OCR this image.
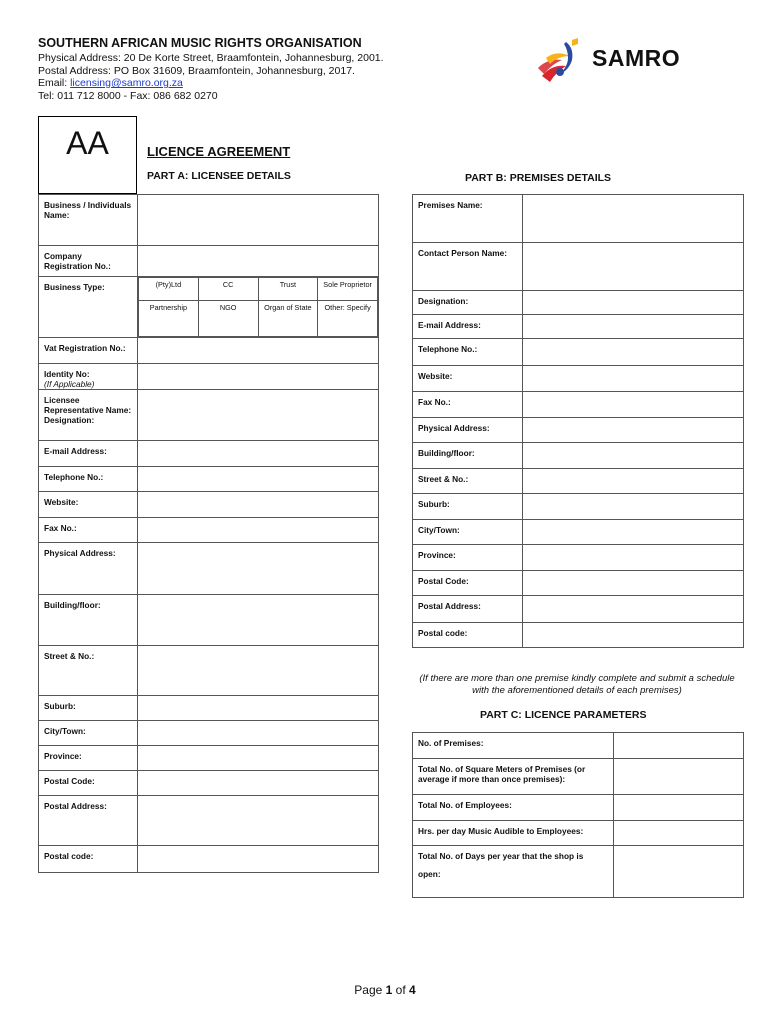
SOUTHERN AFRICAN MUSIC RIGHTS ORGANISATION
Physical Address: 20 De Korte Street, Braamfontein, Johannesburg, 2001.
Postal Address: PO Box 31609, Braamfontein, Johannesburg, 2017.
Email: licensing@samro.org.za
Tel: 011 712 8000 - Fax: 086 682 0270
SAMRO
AA	LICENCE AGREEMENT
PART A: LICENSEE DETAILS	PART B: PREMISES DETAILS
Business / Individuals Name:	
Company Registration No.:	
Business Type:		(Pty)Ltd	CC	Trust	Sole Proprietor
Partnership	NGO	Organ of State	Other: Specify

Vat Registration No.:	

Identity No:
(If Applicable)

Licensee Representative Name:
Designation:

E-mail Address:	
Telephone No.:	
Website:	
Fax No.:	
Physical Address:	
Building/floor:	
Street & No.:	
Suburb:	
City/Town:	
Province:	
Postal Code:	
Postal Address:	
Postal code:	
Premises Name:	
Contact Person Name:	
Designation:	
E-mail Address:	
Telephone No.:	
Website:	
Fax No.:	
Physical Address:	
Building/floor:	
Street & No.:	
Suburb:	
City/Town:	
Province:	
Postal Code:	
Postal Address:	
Postal code:	
(If there are more than one premise kindly complete and submit a schedule with the aforementioned details of each premises)
PART C: LICENCE PARAMETERS
No. of Premises:	
Total No. of Square Meters of Premises (or average if more than once premises):	
Total No. of Employees:	
Hrs. per day Music Audible to Employees:	

Total No. of Days per year that the shop is
open:	

Page 1 of 4
